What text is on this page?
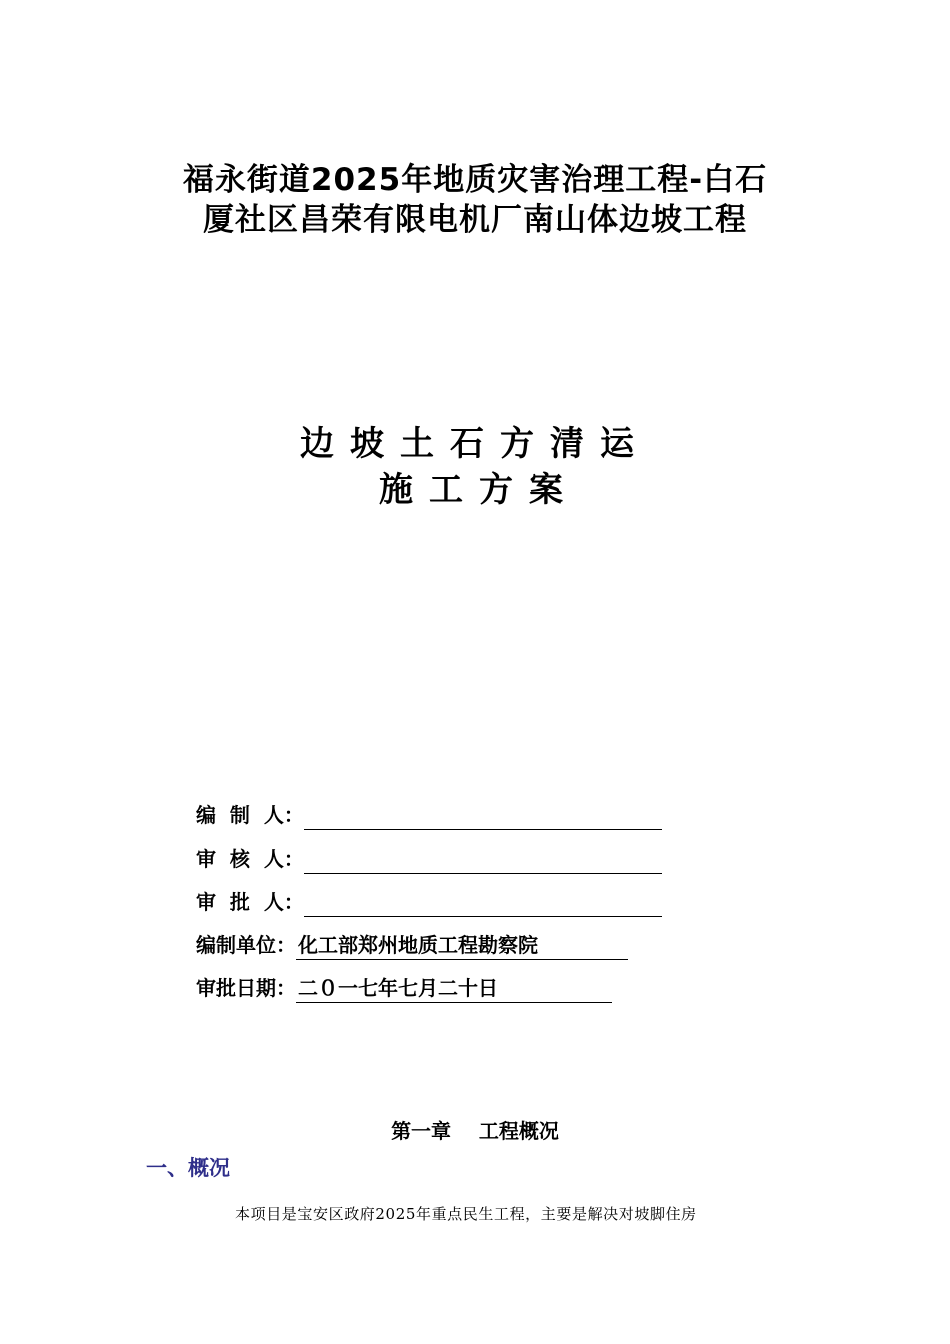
福永街道2025年地质灾害治理工程-白石
厦社区昌荣有限电机厂南山体边坡工程
边坡土石方清运
施工方案
编  制  人：
审  核  人：
审  批  人：
编制单位： 化工部郑州地质工程勘察院
审批日期： 二０一七年七月二十日
第一章    工程概况
一、概况
本项目是宝安区政府2025年重点民生工程，主要是解决对坡脚住房
